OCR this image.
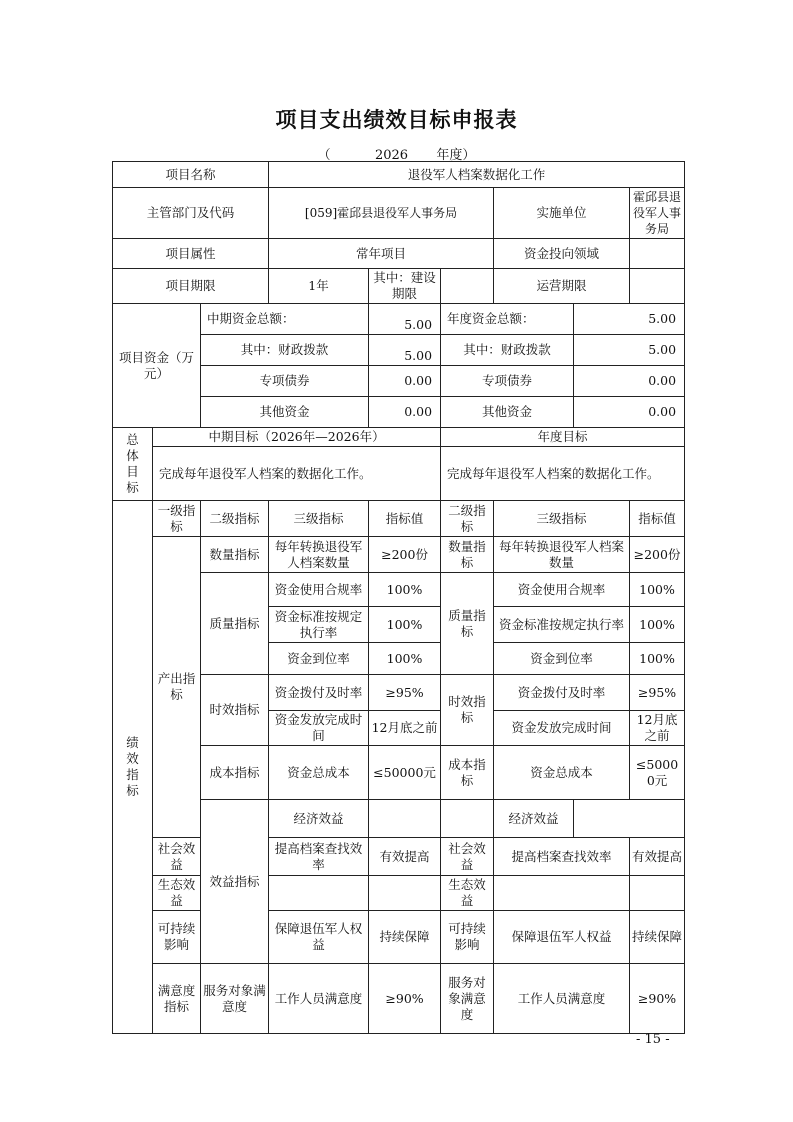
项目支出绩效目标申报表
（	2026 年度）
项目名称			退役军人档案数据化工作						
主管部门及代码			[059]霍邱县退役军人事务局			实施单位		霍邱县退役军人事务局	
项目属性			常年项目			资金投向领域			
项目期限			1年	其中：建设期限		运营期限			
项目资金（万元）		中期资金总额：		5.00	年度资金总额：		5.00		
		其中：财政拨款		5.00	其中：财政拨款		5.00		
		专项债券		0.00	专项债券		0.00		
		其他资金		0.00	其他资金		0.00		
总体目标	中期目标（2026年—2026年）				年度目标				
	完成每年退役军人档案的数据化工作。				完成每年退役军人档案的数据化工作。				
绩效指标	一级指标	二级指标	三级指标	指标值	二级指标	三级指标		指标值	
	产出指标	数量指标	每年转换退役军人档案数量	≥200份	数量指标	每年转换退役军人档案数量		≥200份	
		质量指标	资金使用合规率	100%	质量指标	资金使用合规率		100%	
			资金标准按规定执行率	100%		资金标准按规定执行率		100%	
			资金到位率	100%		资金到位率		100%	
		时效指标	资金拨付及时率	≥95%	时效指标	资金拨付及时率		≥95%	
			资金发放完成时间	12月底之前		资金发放完成时间		12月底之前	
		成本指标	资金总成本	≤50000元	成本指标	资金总成本		≤50000元	
		效益指标	经济效益			经济效益			
	社会效益		提高档案查找效率	有效提高	社会效益	提高档案查找效率		有效提高	
	生态效益				生态效益				
	可持续影响		保障退伍军人权益	持续保障	可持续影响	保障退伍军人权益		持续保障	
	满意度指标	服务对象满意度	工作人员满意度	≥90%	服务对象满意度	工作人员满意度		≥90%	
- 15 -
